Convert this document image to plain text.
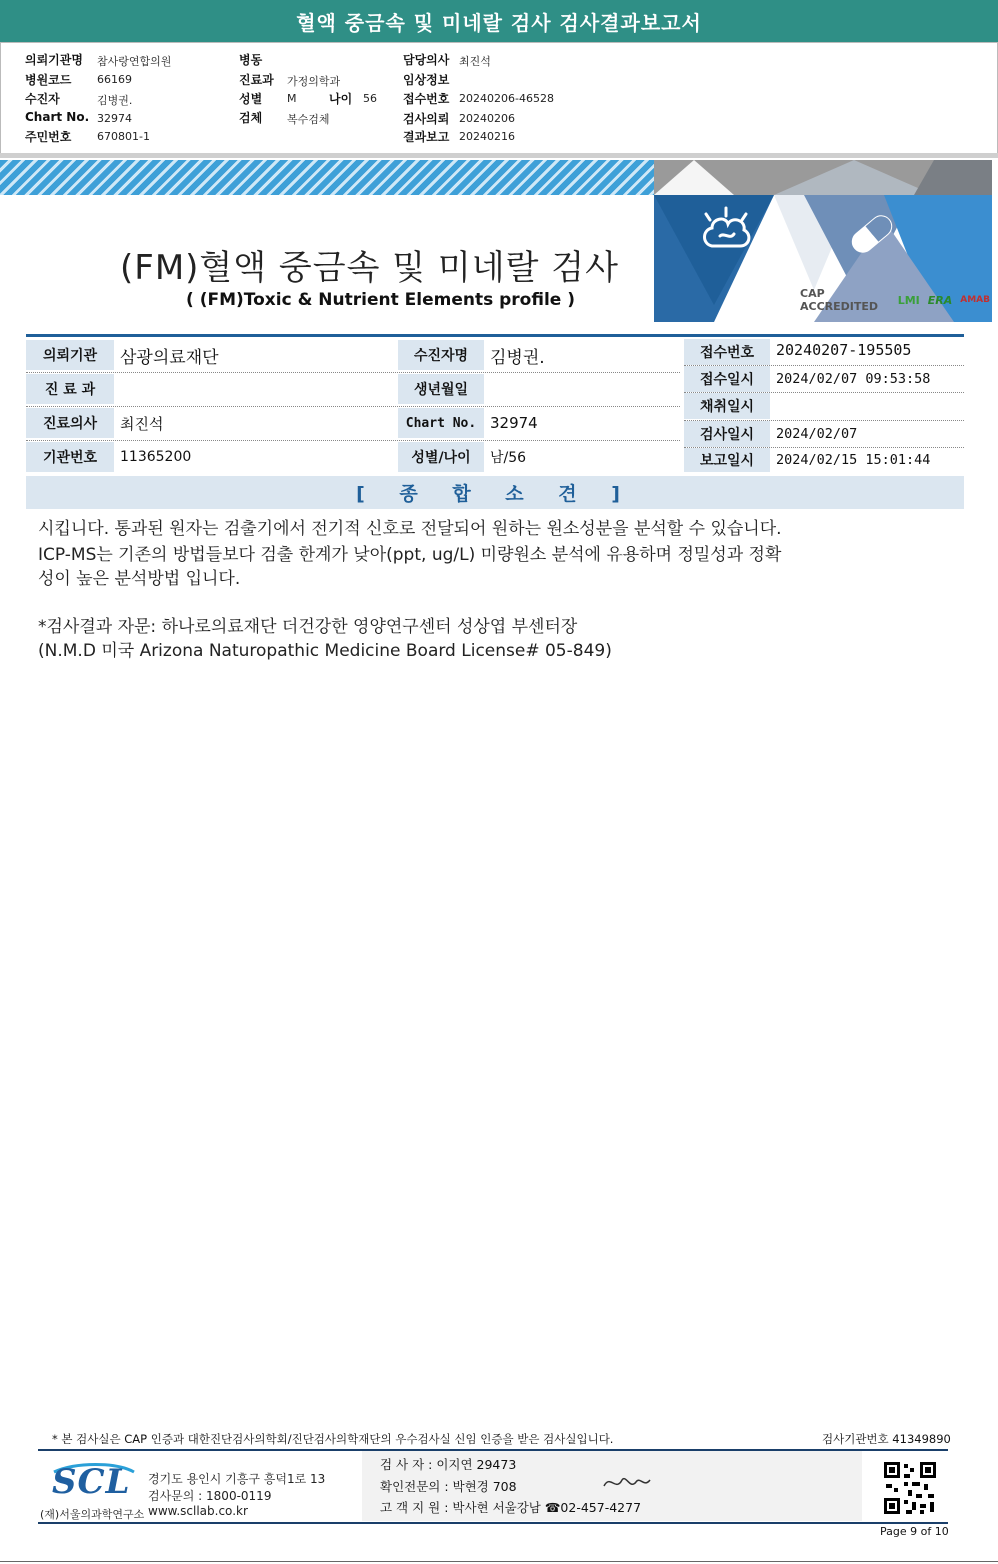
혈액 중금속 및 미네랄 검사 검사결과보고서
의뢰기관명 참사랑연합의원
병원코드 66169
수진자	김병권.
Chart No. 32974
주민번호 670801-1
병동
진료과 가정의학과
성별 M	나이 56
검체 복수검체
담당의사 최진석
임상정보
접수번호 20240206-46528
검사의뢰 20240206
결과보고 20240216
CAP ACCREDITED	LMI ERA AMAB
(FM)혈액 중금속 및 미네랄 검사
( (FM)Toxic & Nutrient Elements profile )
의뢰기관	삼광의료재단
진 료 과
진료의사	최진석
기관번호	11365200
수진자명	김병권.
생년월일
Chart No. 32974
성별/나이	남/56
접수번호	20240207-195505
접수일시	2024/02/07 09:53:58
채취일시
검사일시	2024/02/07
보고일시	2024/02/15 15:01:44
[ 종 합 소 견 ]
시킵니다. 통과된 원자는 검출기에서 전기적 신호로 전달되어 원하는 원소성분을 분석할 수 있습니다.
ICP-MS는 기존의 방법들보다 검출 한계가 낮아(ppt, ug/L) 미량원소 분석에 유용하며 정밀성과 정확
성이 높은 분석방법 입니다.
*검사결과 자문: 하나로의료재단 더건강한 영양연구센터 성상엽 부센터장
(N.M.D 미국 Arizona Naturopathic Medicine Board License# 05-849)
* 본 검사실은 CAP 인증과 대한진단검사의학회/진단검사의학재단의 우수검사실 신임 인증을 받은 검사실입니다.	검사기관번호 41349890
SCL
(재)서울의과학연구소
경기도 용인시 기흥구 흥덕1로 13
검사문의 : 1800-0119
www.scllab.co.kr
검 사 자 : 이지연 29473
확인전문의 : 박현경 708
고 객 지 원 : 박사현 서울강남 ☎02-457-4277
Page 9 of 10
